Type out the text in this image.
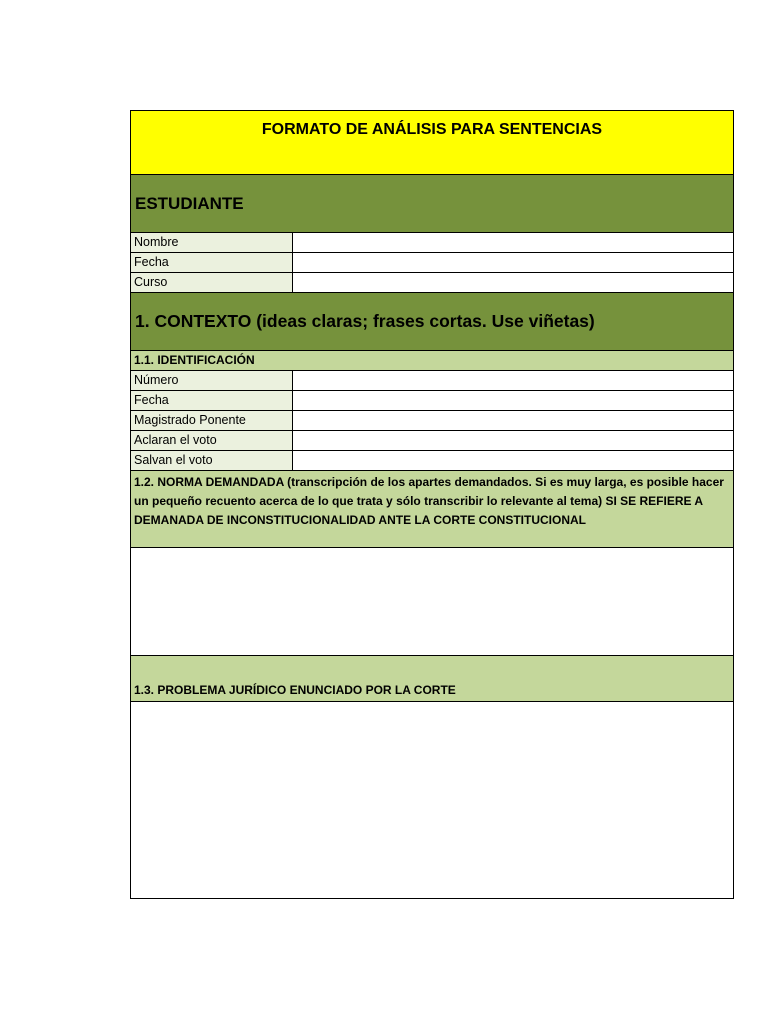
FORMATO DE ANÁLISIS PARA SENTENCIAS
ESTUDIANTE
Nombre
Fecha
Curso
1. CONTEXTO (ideas claras; frases cortas. Use viñetas)
1.1. IDENTIFICACIÓN
Número
Fecha
Magistrado Ponente
Aclaran el voto
Salvan el voto
1.2. NORMA DEMANDADA (transcripción de los apartes demandados. Si es muy larga, es posible hacer un pequeño recuento acerca de lo que trata y sólo transcribir lo relevante al tema) SI SE REFIERE A DEMANADA DE INCONSTITUCIONALIDAD ANTE LA CORTE CONSTITUCIONAL
1.3. PROBLEMA JURÍDICO ENUNCIADO POR LA CORTE
